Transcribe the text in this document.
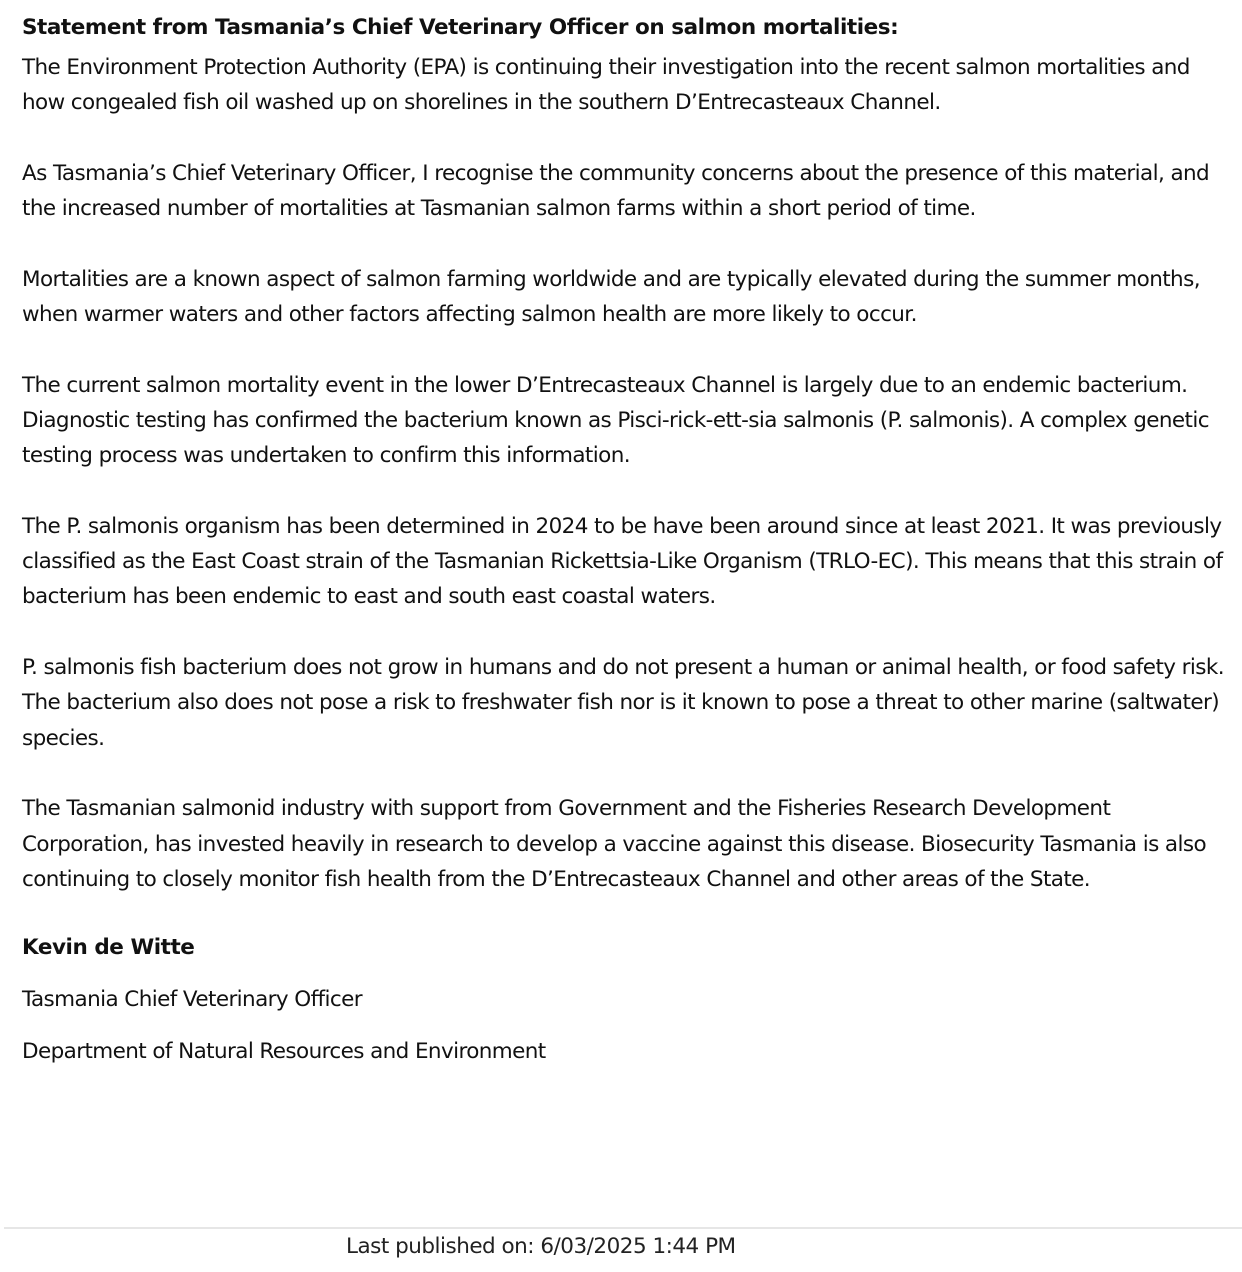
Statement from Tasmania’s Chief Veterinary Officer on salmon mortalities:

The Environment Protection Authority (EPA) is continuing their investigation into the recent salmon mortalities and how congealed fish oil washed up on shorelines in the southern D’Entrecasteaux Channel.

As Tasmania’s Chief Veterinary Officer, I recognise the community concerns about the presence of this material, and the increased number of mortalities at Tasmanian salmon farms within a short period of time.

Mortalities are a known aspect of salmon farming worldwide and are typically elevated during the summer months, when warmer waters and other factors affecting salmon health are more likely to occur.

The current salmon mortality event in the lower D’Entrecasteaux Channel is largely due to an endemic bacterium. Diagnostic testing has confirmed the bacterium known as Pisci-rick-ett-sia salmonis (P. salmonis). A complex genetic testing process was undertaken to confirm this information.

The P. salmonis organism has been determined in 2024 to be have been around since at least 2021. It was previously classified as the East Coast strain of the Tasmanian Rickettsia-Like Organism (TRLO-EC). This means that this strain of bacterium has been endemic to east and south east coastal waters.

P. salmonis fish bacterium does not grow in humans and do not present a human or animal health, or food safety risk. The bacterium also does not pose a risk to freshwater fish nor is it known to pose a threat to other marine (saltwater) species.

The Tasmanian salmonid industry with support from Government and the Fisheries Research Development Corporation, has invested heavily in research to develop a vaccine against this disease. Biosecurity Tasmania is also continuing to closely monitor fish health from the D’Entrecasteaux Channel and other areas of the State.

Kevin de Witte
Tasmania Chief Veterinary Officer
Department of Natural Resources and Environment
Last published on: 6/03/2025 1:44 PM
